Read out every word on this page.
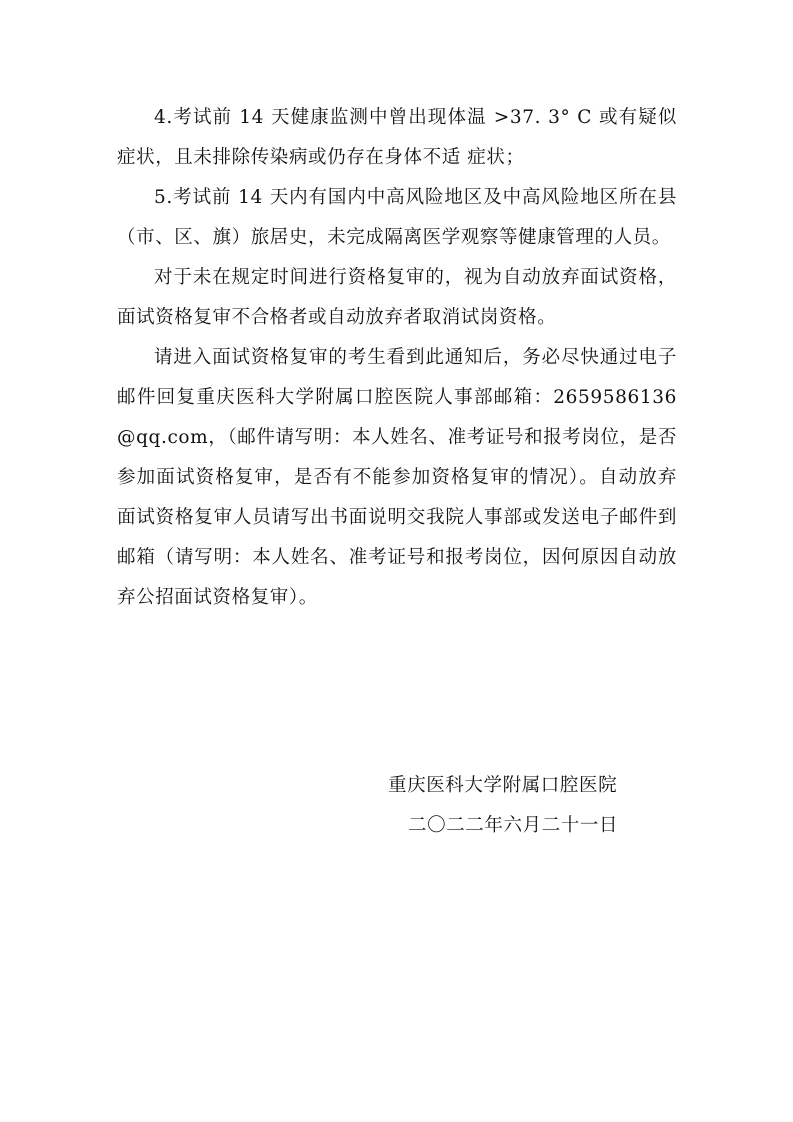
4.考试前 14 天健康监测中曾出现体温 >37. 3° C 或有疑似症状，且未排除传染病或仍存在身体不适 症状；

5.考试前 14 天内有国内中高风险地区及中高风险地区所在县（市、区、旗）旅居史，未完成隔离医学观察等健康管理的人员。

对于未在规定时间进行资格复审的，视为自动放弃面试资格，面试资格复审不合格者或自动放弃者取消试岗资格。

请进入面试资格复审的考生看到此通知后，务必尽快通过电子邮件回复重庆医科大学附属口腔医院人事部邮箱：2659586136@qq.com，（邮件请写明：本人姓名、准考证号和报考岗位，是否参加面试资格复审，是否有不能参加资格复审的情况）。自动放弃面试资格复审人员请写出书面说明交我院人事部或发送电子邮件到邮箱（请写明：本人姓名、准考证号和报考岗位，因何原因自动放弃公招面试资格复审）。

重庆医科大学附属口腔医院
二〇二二年六月二十一日
